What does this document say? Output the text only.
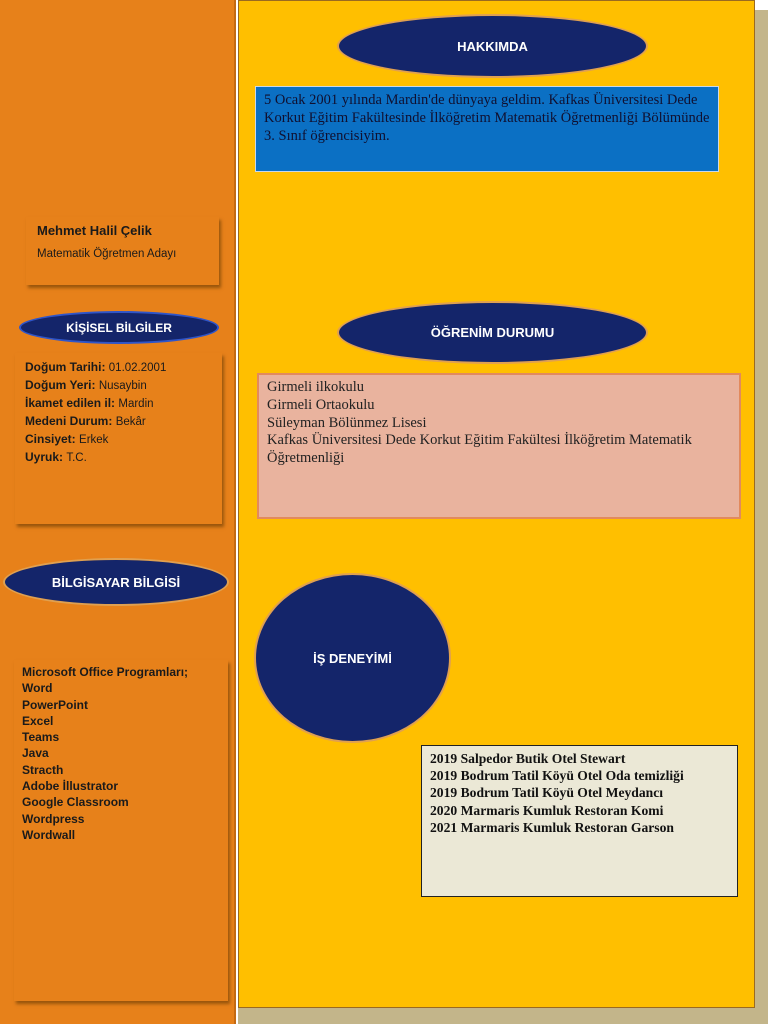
Mehmet Halil Çelik
Matematik Öğretmen Adayı
KİŞİSEL BİLGİLER
Doğum Tarihi: 01.02.2001
Doğum Yeri: Nusaybin
İkamet edilen il: Mardin
Medeni Durum: Bekâr
Cinsiyet: Erkek
Uyruk: T.C.
BİLGİSAYAR BİLGİSİ
Microsoft Office Programları;
Word
PowerPoint
Excel
Teams
Java
Stracth
Adobe İllustrator
Google Classroom
Wordpress
Wordwall
HAKKIMDA
5 Ocak 2001 yılında Mardin'de dünyaya geldim. Kafkas Üniversitesi Dede Korkut Eğitim Fakültesinde İlköğretim Matematik Öğretmenliği Bölümünde 3. Sınıf öğrencisiyim.
ÖĞRENİM DURUMU
Girmeli ilkokulu
Girmeli Ortaokulu
Süleyman Bölünmez Lisesi
Kafkas Üniversitesi Dede Korkut Eğitim Fakültesi İlköğretim Matematik Öğretmenliği
İŞ DENEYİMİ
2019 Salpedor Butik Otel Stewart
2019 Bodrum Tatil Köyü Otel Oda temizliği
2019 Bodrum Tatil Köyü Otel Meydancı
2020 Marmaris Kumluk Restoran Komi
2021 Marmaris Kumluk Restoran Garson
